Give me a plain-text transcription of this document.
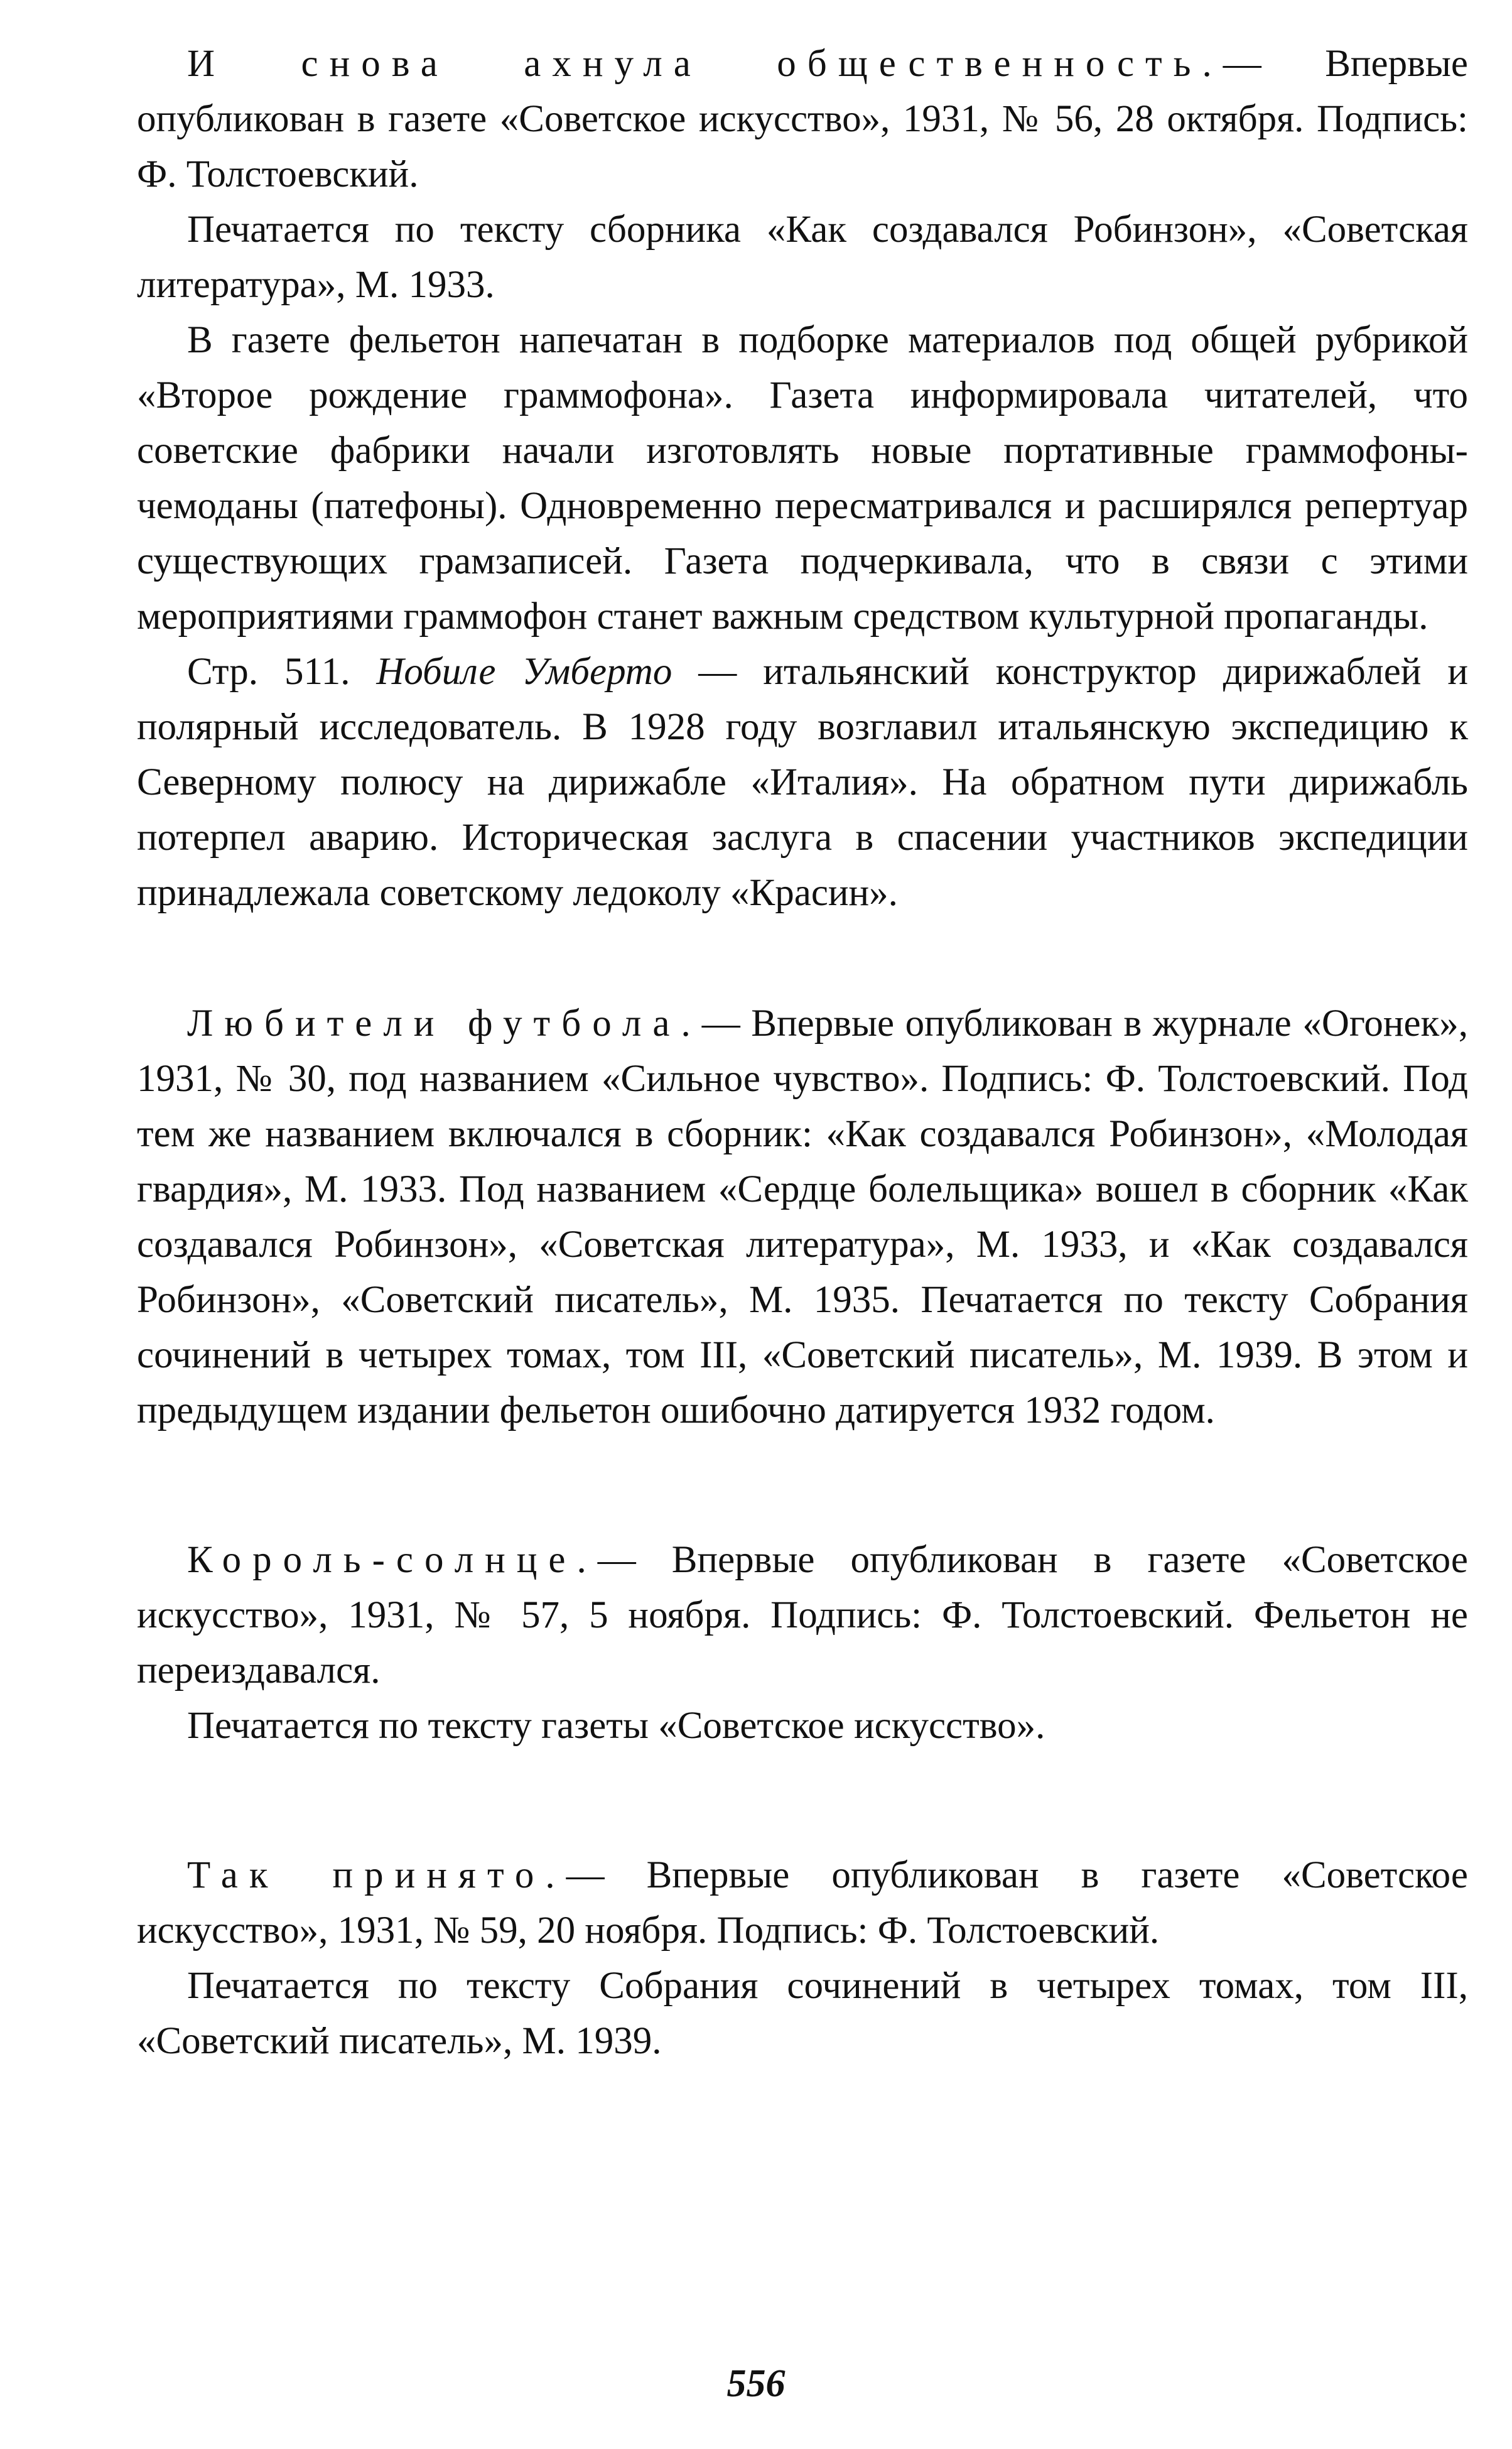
И снова ахнула общественность.— Впервые опубликован в газете «Советское искусство», 1931, № 56, 28 октября. Подпись: Ф. Толстоевский.

Печатается по тексту сборника «Как создавался Робинзон», «Советская литература», М. 1933.

В газете фельетон напечатан в подборке материалов под общей рубрикой «Второе рождение граммофона». Газета информировала читателей, что советские фабрики начали изготовлять новые портативные граммофоны-чемоданы (патефоны). Одновременно пересматривался и расширялся репертуар существующих грамзаписей. Газета подчеркивала, что в связи с этими мероприятиями граммофон станет важным средством культурной пропаганды.

Стр. 511. Нобиле Умберто — итальянский конструктор дирижаблей и полярный исследователь. В 1928 году возглавил итальянскую экспедицию к Северному полюсу на дирижабле «Италия». На обратном пути дирижабль потерпел аварию. Историческая заслуга в спасении участников экспедиции принадлежала советскому ледоколу «Красин».

Любители футбола.— Впервые опубликован в журнале «Огонек», 1931, № 30, под названием «Сильное чувство». Подпись: Ф. Толстоевский. Под тем же названием включался в сборник: «Как создавался Робинзон», «Молодая гвардия», М. 1933. Под названием «Сердце болельщика» вошел в сборник «Как создавался Робинзон», «Советская литература», М. 1933, и «Как создавался Робинзон», «Советский писатель», М. 1935. Печатается по тексту Собрания сочинений в четырех томах, том III, «Советский писатель», М. 1939. В этом и предыдущем издании фельетон ошибочно датируется 1932 годом.

Король-солнце.— Впервые опубликован в газете «Советское искусство», 1931, № 57, 5 ноября. Подпись: Ф. Толстоевский. Фельетон не переиздавался.

Печатается по тексту газеты «Советское искусство».

Так принято.— Впервые опубликован в газете «Советское искусство», 1931, № 59, 20 ноября. Подпись: Ф. Толстоевский.

Печатается по тексту Собрания сочинений в четырех томах, том III, «Советский писатель», М. 1939.

556
